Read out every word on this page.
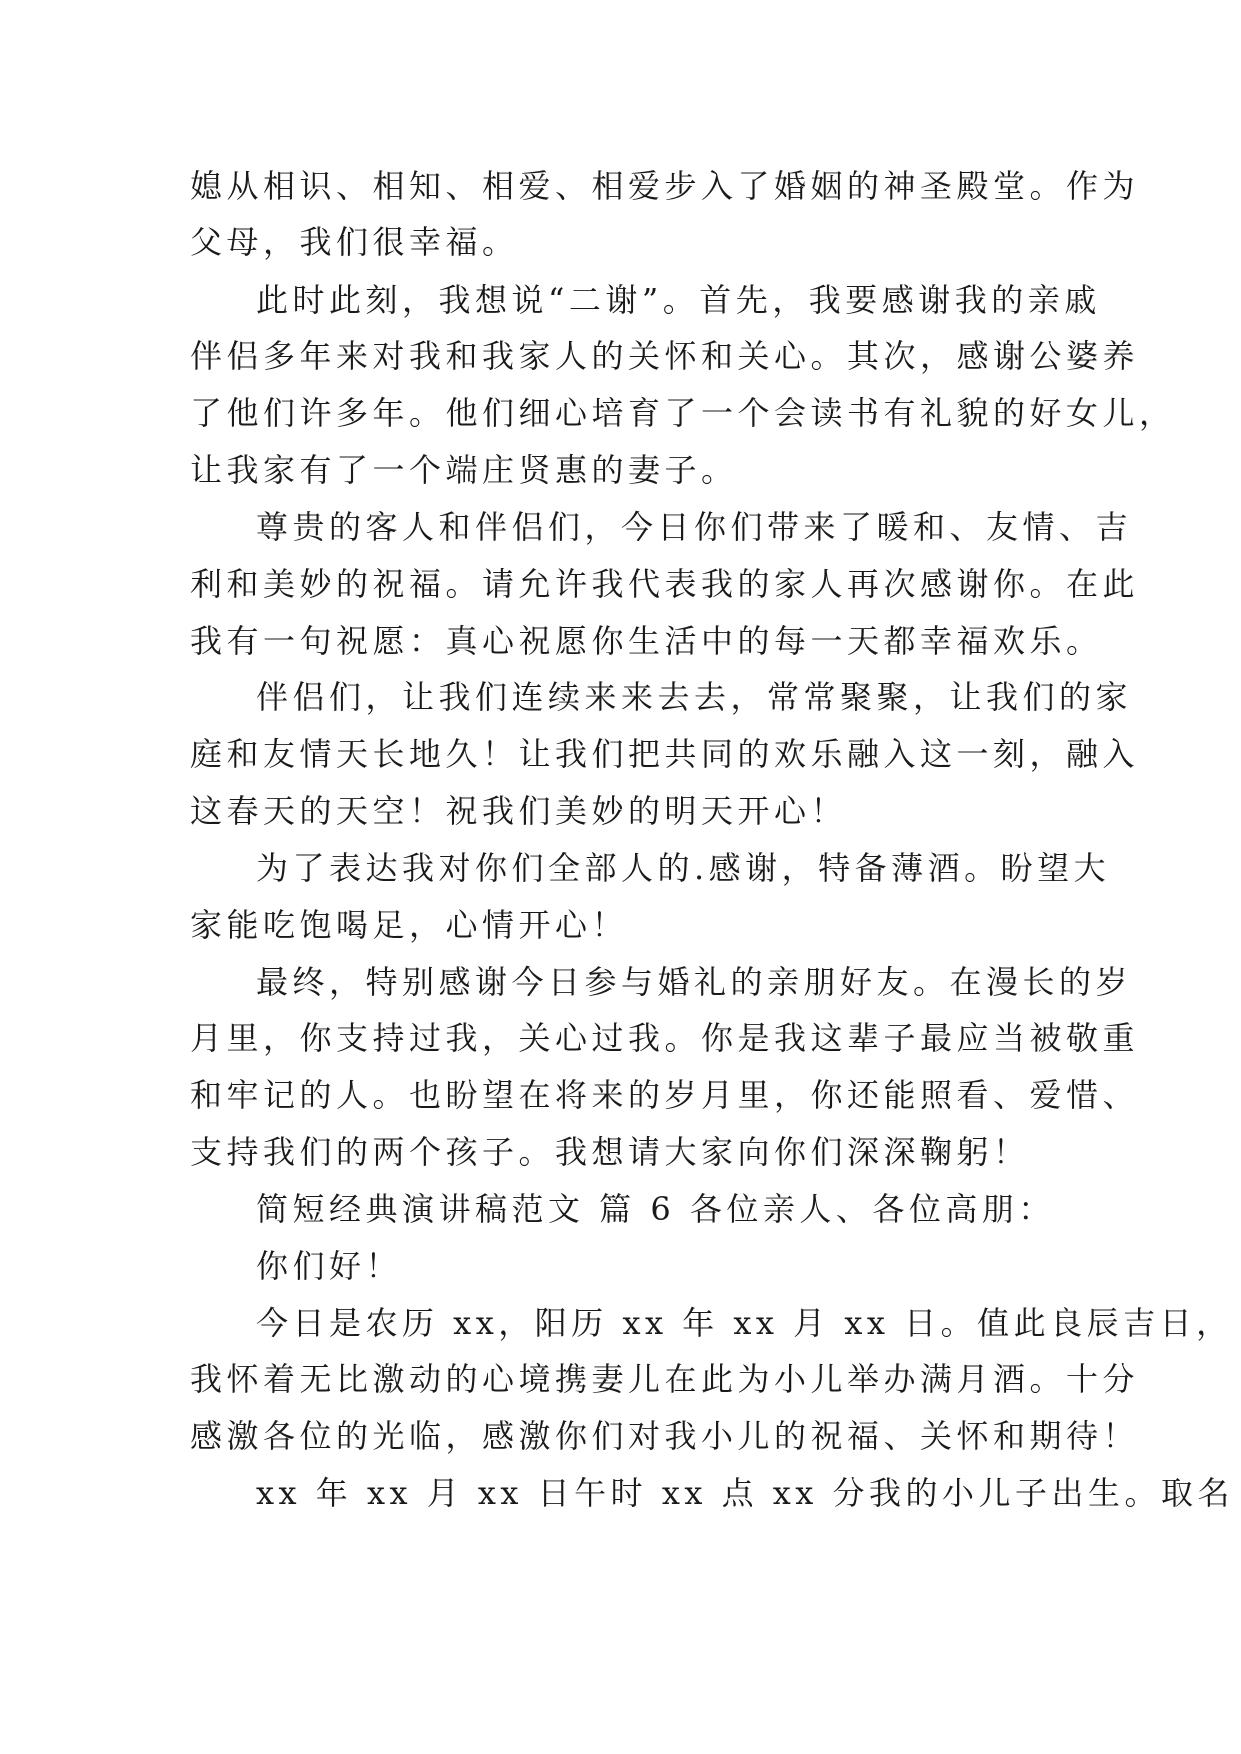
媳从相识、相知、相爱、相爱步入了婚姻的神圣殿堂。作为
父母，我们很幸福。
此时此刻，我想说“二谢”。首先，我要感谢我的亲戚
伴侣多年来对我和我家人的关怀和关心。其次，感谢公婆养
了他们许多年。他们细心培育了一个会读书有礼貌的好女儿，
让我家有了一个端庄贤惠的妻子。
尊贵的客人和伴侣们，今日你们带来了暖和、友情、吉
利和美妙的祝福。请允许我代表我的家人再次感谢你。在此
我有一句祝愿：真心祝愿你生活中的每一天都幸福欢乐。
伴侣们，让我们连续来来去去，常常聚聚，让我们的家
庭和友情天长地久！让我们把共同的欢乐融入这一刻，融入
这春天的天空！祝我们美妙的明天开心！
为了表达我对你们全部人的.感谢，特备薄酒。盼望大
家能吃饱喝足，心情开心！
最终，特别感谢今日参与婚礼的亲朋好友。在漫长的岁
月里，你支持过我，关心过我。你是我这辈子最应当被敬重
和牢记的人。也盼望在将来的岁月里，你还能照看、爱惜、
支持我们的两个孩子。我想请大家向你们深深鞠躬！
简短经典演讲稿范文 篇 6 各位亲人、各位高朋：
你们好！
今日是农历 xx，阳历 xx 年 xx 月 xx 日。值此良辰吉日，
我怀着无比激动的心境携妻儿在此为小儿举办满月酒。十分
感激各位的光临，感激你们对我小儿的祝福、关怀和期待！
xx 年 xx 月 xx 日午时 xx 点 xx 分我的小儿子出生。取名
